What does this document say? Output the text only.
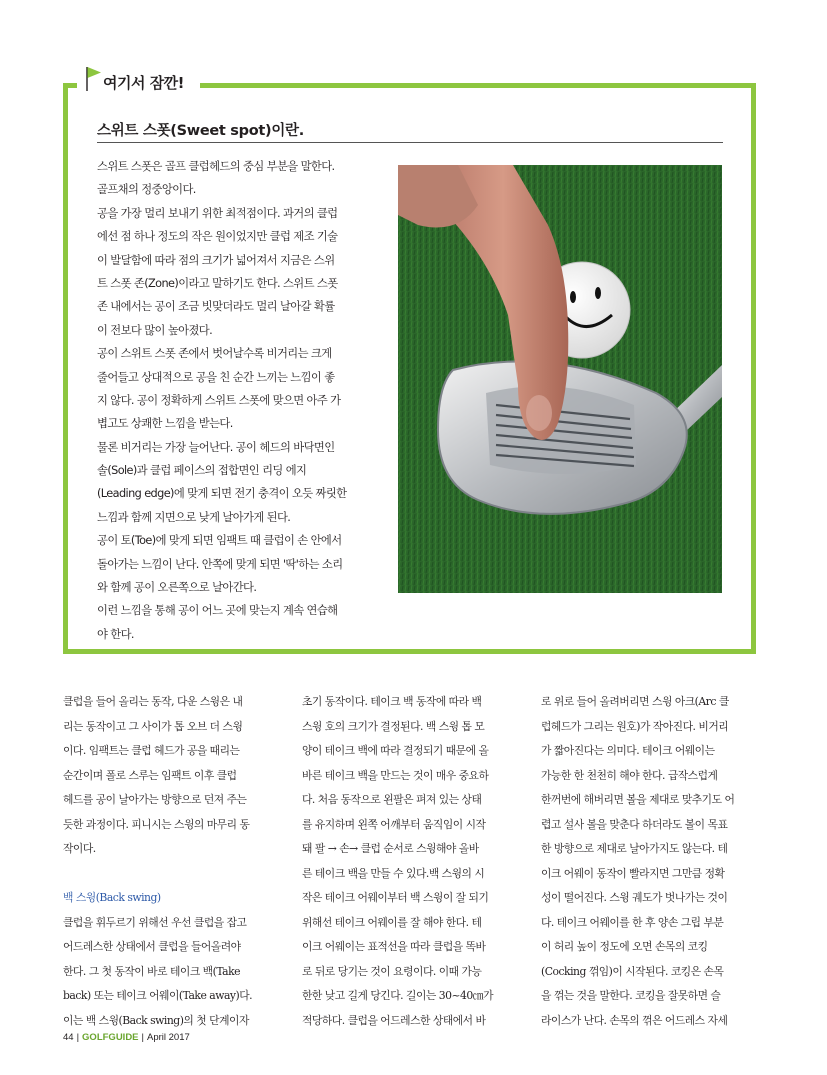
여기서 잠깐!
스위트 스폿(Sweet spot)이란.
스위트 스폿은 골프 클럽헤드의 중심 부분을 말한다.
골프채의 정중앙이다.
공을 가장 멀리 보내기 위한 최적점이다. 과거의 클럽
에선 점 하나 정도의 작은 원이었지만 클럽 제조 기술
이 발달함에 따라 점의 크기가 넓어져서 지금은 스위
트 스폿 존(Zone)이라고 말하기도 한다. 스위트 스폿
존 내에서는 공이 조금 빗맞더라도 멀리 날아갈 확률
이 전보다 많이 높아졌다.
공이 스위트 스폿 존에서 벗어날수록 비거리는 크게
줄어들고 상대적으로 공을 친 순간 느끼는 느낌이 좋
지 않다. 공이 정확하게 스위트 스폿에 맞으면 아주 가
볍고도 상쾌한 느낌을 받는다.
물론 비거리는 가장 늘어난다. 공이 헤드의 바닥면인
솔(Sole)과 클럽 페이스의 접합면인 리딩 에지
(Leading edge)에 맞게 되면 전기 충격이 오듯 짜릿한
느낌과 함께 지면으로 낮게 날아가게 된다.
공이 토(Toe)에 맞게 되면 임팩트 때 클럽이 손 안에서
돌아가는 느낌이 난다. 안쪽에 맞게 되면 '딱'하는 소리
와 함께 공이 오른쪽으로 날아간다.
이런 느낌을 통해 공이 어느 곳에 맞는지 계속 연습해
야 한다.
클럽을 들어 올리는 동작, 다운 스윙은 내
리는 동작이고 그 사이가 톱 오브 더 스윙
이다. 임팩트는 클럽 헤드가 공을 때리는
순간이며 폴로 스루는 임팩트 이후 클럽
헤드를 공이 날아가는 방향으로 던져 주는
듯한 과정이다. 피니시는 스윙의 마무리 동
작이다.
백 스윙(Back swing)
클럽을 휘두르기 위해선 우선 클럽을 잡고
어드레스한 상태에서 클럽을 들어올려야
한다. 그 첫 동작이 바로 테이크 백(Take
back) 또는 테이크 어웨이(Take away)다.
이는 백 스윙(Back swing)의 첫 단계이자
초기 동작이다. 테이크 백 동작에 따라 백
스윙 호의 크기가 결정된다. 백 스윙 톱 모
양이 테이크 백에 따라 결정되기 때문에 올
바른 테이크 백을 만드는 것이 매우 중요하
다. 처음 동작으로 왼팔은 펴져 있는 상태
를 유지하며 왼쪽 어깨부터 움직임이 시작
돼 팔 → 손→ 클럽 순서로 스윙해야 올바
른 테이크 백을 만들 수 있다.백 스윙의 시
작은 테이크 어웨이부터 백 스윙이 잘 되기
위해선 테이크 어웨이를 잘 해야 한다. 테
이크 어웨이는 표적선을 따라 클럽을 똑바
로 뒤로 당기는 것이 요령이다. 이때 가능
한한 낮고 길게 당긴다. 길이는 30~40㎝가
적당하다. 클럽을 어드레스한 상태에서 바
로 위로 들어 올려버리면 스윙 아크(Arc 클
럽헤드가 그리는 원호)가 작아진다. 비거리
가 짧아진다는 의미다. 테이크 어웨이는
가능한 한 천천히 해야 한다. 급작스럽게
한꺼번에 해버리면 볼을 제대로 맞추기도 어
렵고 설사 볼을 맞춘다 하더라도 볼이 목표
한 방향으로 제대로 날아가지도 않는다. 테
이크 어웨이 동작이 빨라지면 그만큼 정확
성이 떨어진다. 스윙 궤도가 벗나가는 것이
다. 테이크 어웨이를 한 후 양손 그립 부분
이 허리 높이 정도에 오면 손목의 코킹
(Cocking 꺾임)이 시작된다. 코킹은 손목
을 꺾는 것을 말한다. 코킹을 잘못하면 슬
라이스가 난다. 손목의 꺾은 어드레스 자세
44 | GOLFGUIDE | April 2017
